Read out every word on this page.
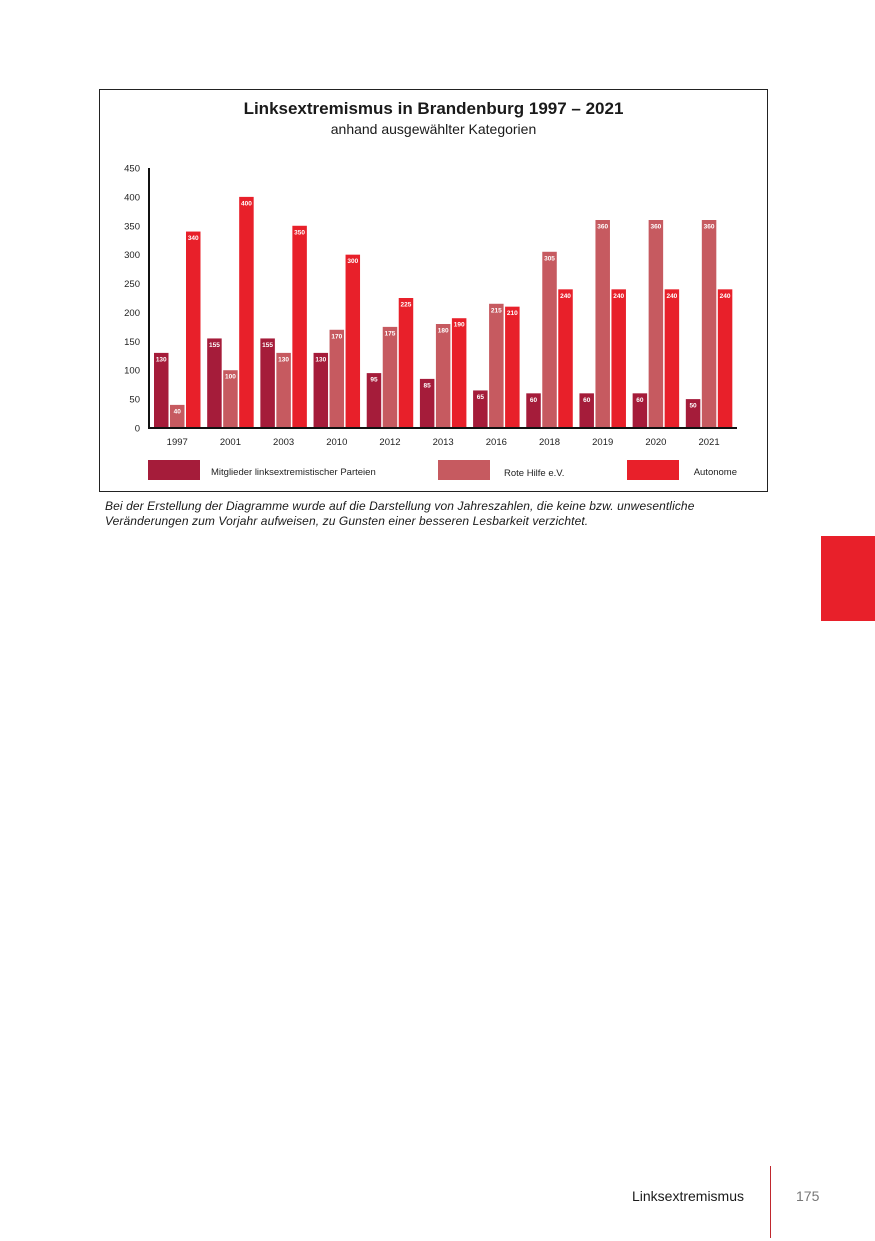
Linksextremismus in Brandenburg 1997 – 2021
anhand ausgewählter Kategorien
0
50
100
150
200
250
300
350
400
450
130
40
340
1997
155
100
400
2001
155
130
350
2003
130
170
300
2010
95
175
225
2012
85
180
190
2013
65
215 210
2016
60
305
240
2018
60
360
240
2019
60
360
240
2020
50
360
240
2021
Mitglieder linksextremistischer Parteien	Rote Hilfe e.V.	Autonome
Bei der Erstellung der Diagramme wurde auf die Darstellung von Jahreszahlen, die keine bzw. unwesentliche Veränderungen zum Vorjahr aufweisen, zu Gunsten einer besseren Lesbarkeit verzichtet.
Linksextremismus	175
